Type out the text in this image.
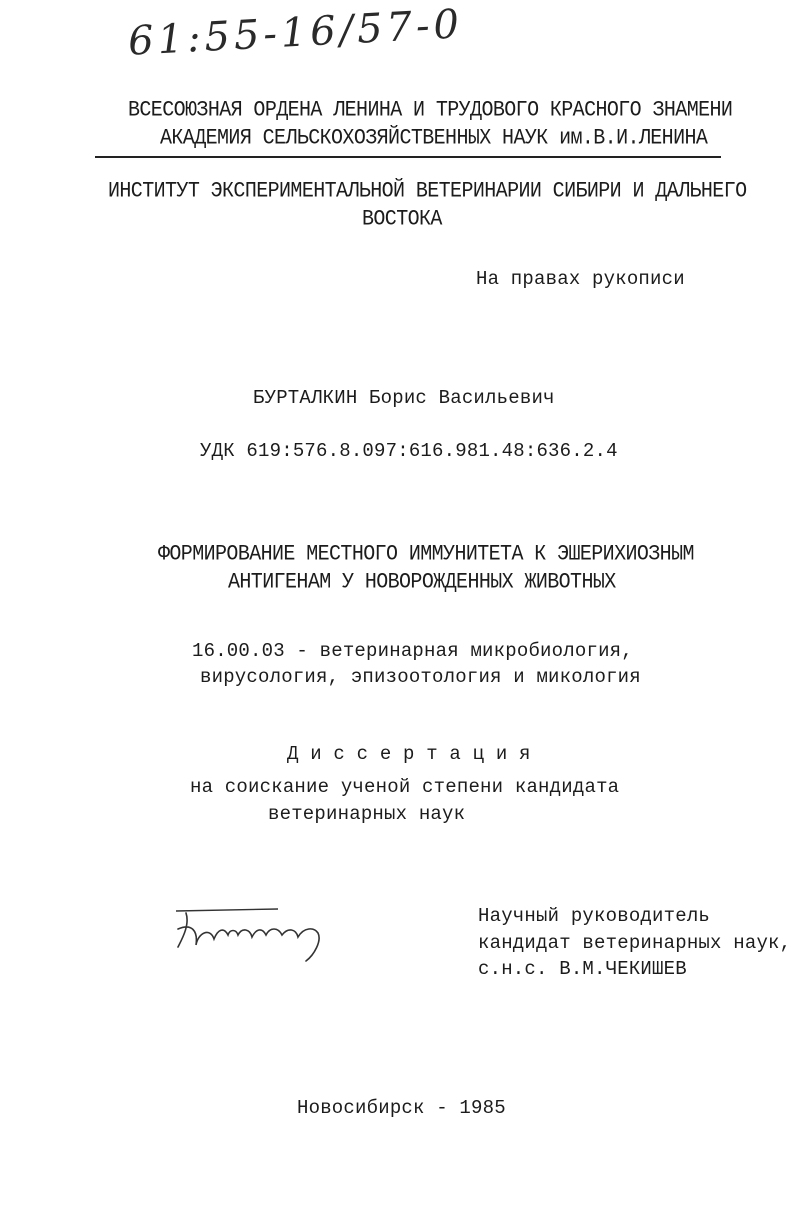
61:55-16/57-0
ВСЕСОЮЗНАЯ ОРДЕНА ЛЕНИНА И ТРУДОВОГО КРАСНОГО ЗНАМЕНИ
АКАДЕМИЯ СЕЛЬСКОХОЗЯЙСТВЕННЫХ НАУК им.В.И.ЛЕНИНА
ИНСТИТУТ ЭКСПЕРИМЕНТАЛЬНОЙ ВЕТЕРИНАРИИ СИБИРИ И ДАЛЬНЕГО
ВОСТОКА
На правах рукописи
БУРТАЛКИН Борис Васильевич
УДК 619:576.8.097:616.981.48:636.2.4
ФОРМИРОВАНИЕ МЕСТНОГО ИММУНИТЕТА К ЭШЕРИХИОЗНЫМ
АНТИГЕНАМ У НОВОРОЖДЕННЫХ ЖИВОТНЫХ
16.00.03 - ветеринарная микробиология,
вирусология, эпизоотология и микология
Д и с с е р т а ц и я
на соискание ученой степени кандидата
ветеринарных наук
Научный руководитель
кандидат ветеринарных наук,
с.н.с. В.М.ЧЕКИШЕВ
Новосибирск - 1985
